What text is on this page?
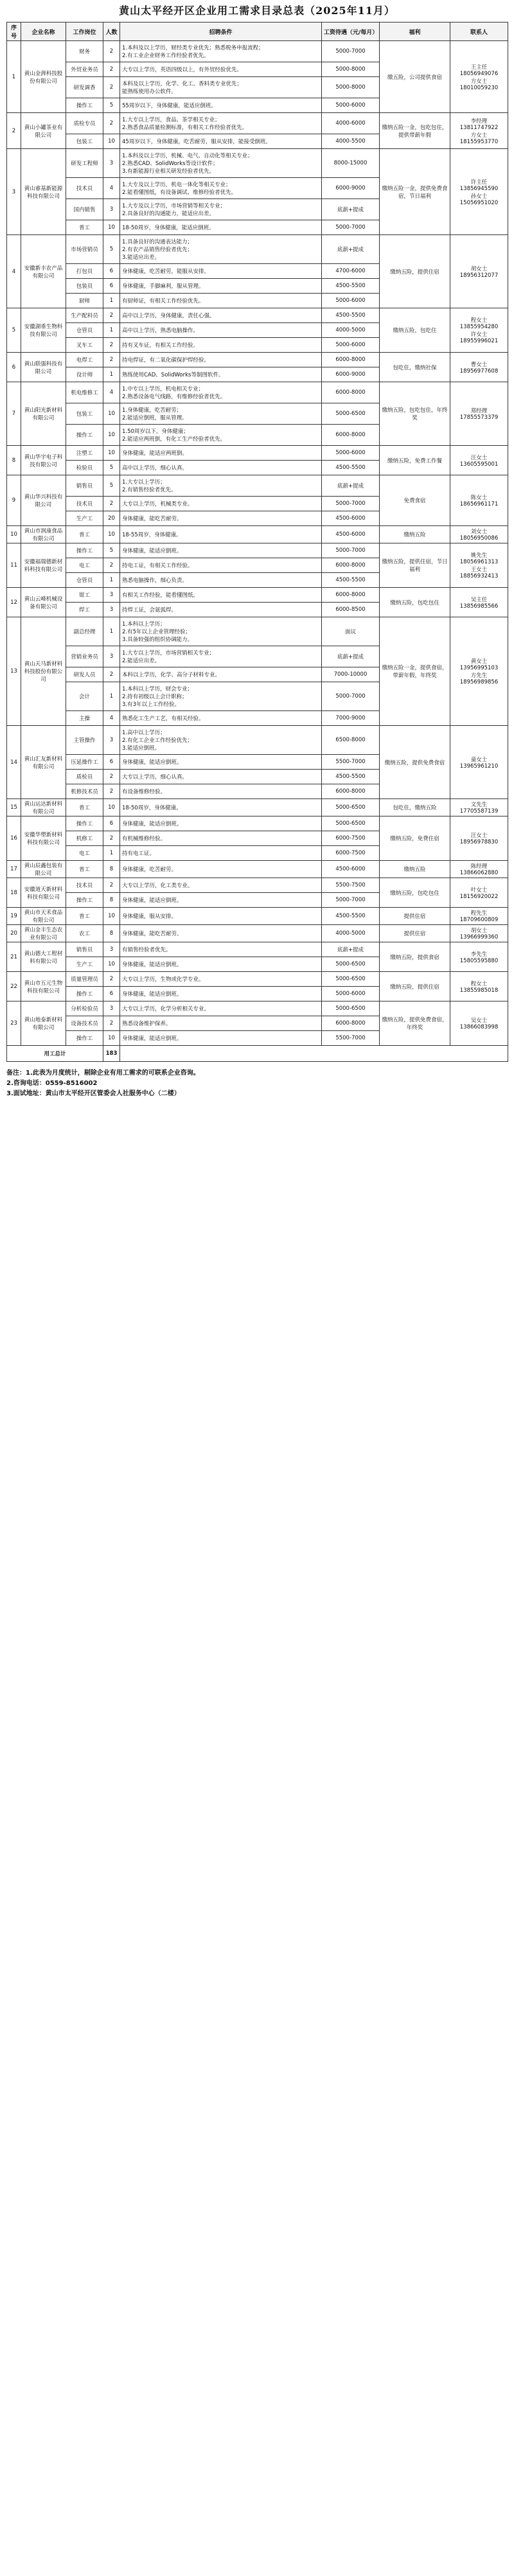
黄山太平经开区企业用工需求目录总表（2025年11月）
序号	企业名称	工作岗位	人数	招聘条件	工资待遇（元/每月）	福利	联系人
1	黄山金湃科技股份有限公司	财务	2	1.本科及以上学历，财经类专业优先；熟悉税务申报流程；
2.有工业企业财务工作经验者优先。	5000-7000	缴五险，公司提供食宿	王主任
18056949076
方女士
18010059230
		外贸业务员	2	大专以上学历，英语四级以上，有外贸经验优先。	5000-8000		
		研发调香	2	本科及以上学历，化学、化工、香料类专业优先；
能熟练使用办公软件。	5000-8000		
		操作工	5	55周岁以下，身体健康，能适应倒班。	5000-6000		
2	黄山小罐茶业有限公司	质检专员	2	1.大专以上学历，食品、茶学相关专业；
2.熟悉食品质量检测标准，有相关工作经验者优先。	4000-6000	缴纳五险一金，包吃包住，提供带薪年假	李经理
13811747922
方女士
18155953770
		包装工	10	45周岁以下，身体健康，吃苦耐劳，服从安排，能接受倒班。	4000-5500		
3	黄山睿基新能源科技有限公司	研发工程师	3	1.本科及以上学历，机械、电气、自动化等相关专业；
2.熟悉CAD、SolidWorks等设计软件；
3.有新能源行业相关研发经验者优先。	8000-15000	缴纳五险一金，提供免费食宿，节日福利	许主任
13856945590
孙女士
15056951020
		技术员	4	1.大专及以上学历，机电一体化等相关专业；
2.能看懂图纸，有设备调试、维修经验者优先。	6000-9000		
		国内销售	3	1.大专及以上学历，市场营销等相关专业；
2.具备良好的沟通能力，能适应出差。	底薪+提成		
		普工	10	18-50周岁，身体健康，能适应倒班。	5000-7000		
4	安徽新丰农产品有限公司	市场营销员	5	1.具备良好的沟通表达能力；
2.有农产品销售经验者优先；
3.能适应出差。	底薪+提成	缴纳五险，提供住宿	胡女士
18956312077
		打包员	6	身体健康，吃苦耐劳，能服从安排。	4700-6000		
		包装员	6	身体健康，手脚麻利，服从管理。	4500-5500		
		厨师	1	有厨师证，有相关工作经验优先。	5000-6000		
5	安徽湖垂生物科技有限公司	生产配料员	2	高中以上学历，身体健康，责任心强。	4500-5500	缴纳五险，包吃住	程女士
13855954280
许女士
18955996021
		仓管员	1	高中以上学历，熟悉电脑操作。	4000-5000		
		叉车工	2	持有叉车证，有相关工作经验。	5000-6000		
6	黄山联强科技有限公司	电焊工	2	持电焊证，有二氧化碳保护焊经验。	6000-8000	包吃住，缴纳社保	曹女士
18956977608
		设计师	1	熟练使用CAD、SolidWorks等制图软件。	6000-9000		
7	黄山阳光新材料有限公司	机电维修工	4	1.中专以上学历，机电相关专业；
2.熟悉设备电气线路，有维修经验者优先。	6000-8000	缴纳五险，包吃包住，年终奖	郑经理
17855573379
		包装工	10	1.身体健康，吃苦耐劳；
2.能适应倒班，服从管理。	5000-6500		
		操作工	10	1.50周岁以下，身体健康；
2.能适应两班倒，有化工生产经验者优先。	6000-8000		
8	黄山华宇电子科技有限公司	注塑工	10	身体健康，能适应两班倒。	5000-6000	缴纳五险，免费工作餐	汪女士
13605595001
		检验员	5	高中以上学历，细心认真。	4500-5500		
9	黄山华兴科技有限公司	销售员	5	1.大专以上学历；
2.有销售经验者优先。	底薪+提成	免费食宿	陈女士
18656961171
		技术员	2	大专以上学历，机械类专业。	5000-7000		
		生产工	20	身体健康，能吃苦耐劳。	4500-6000		
10	黄山市润康食品有限公司	普工	10	18-55周岁，身体健康。	4500-6000	缴纳五险	刘女士
18056950086
11	安徽福瑞德新材料科技有限公司	操作工	5	身体健康，能适应倒班。	5000-7000	缴纳五险，提供住宿，节日福利	姚先生
18056961313
王女士
18856932413
		电工	2	持电工证，有相关工作经验。	6000-8000		
		仓管员	1	熟悉电脑操作，细心负责。	4500-5500		
12	黄山云峰机械设备有限公司	钳工	3	有相关工作经验，能看懂图纸。	6000-8000	缴纳五险，包吃包住	吴主任
13856985566
		焊工	3	持焊工证，会氩弧焊。	6000-8500		
13	黄山天马新材料科技股份有限公司	副总经理	1	1.本科以上学历；
2.有5年以上企业管理经验；
3.具备较强的组织协调能力。	面议	缴纳五险一金，提供食宿，带薪年假，年终奖	黄女士
13956995103
方先生
18956989856
		营销业务员	3	1.大专以上学历，市场营销相关专业；
2.能适应出差。	底薪+提成		
		研发人员	2	本科以上学历，化学、高分子材料专业。	7000-10000		
		会计	1	1.本科以上学历，财会专业；
2.持有初级以上会计职称；
3.有3年以上工作经验。	5000-7000		
		主操	4	熟悉化工生产工艺，有相关经验。	7000-9000		
14	黄山汇友新材料有限公司	主管操作	3	1.高中以上学历；
2.有化工企业工作经验优先；
3.能适应倒班。	6500-8000	缴纳五险，提供免费食宿	童女士
13965961210
		压延操作工	6	身体健康，能适应倒班。	5500-7000		
		质检员	2	大专以上学历，细心认真。	4500-5500		
		机修技术员	2	有设备维修经验。	6000-8000		
15	黄山运达新材料有限公司	普工	10	18-50周岁，身体健康。	5000-6500	包吃住，缴纳五险	文先生
17705587139
16	安徽华塑新材料科技有限公司	操作工	6	身体健康，能适应倒班。	5000-6500	缴纳五险，免费住宿	汪女士
18956978830
		机修工	2	有机械维修经验。	6000-7500		
		电工	1	持有电工证。	6000-7500		
17	黄山辰鑫包装有限公司	普工	8	身体健康，吃苦耐劳。	4500-6000	缴纳五险	陈经理
13866062880
18	安徽道天新材料科技有限公司	技术员	2	大专以上学历，化工类专业。	5500-7500	缴纳五险，包吃包住	叶女士
18156920022
		操作工	8	身体健康，能适应倒班。	5000-7000		
19	黄山市天禾食品有限公司	普工	10	身体健康，服从安排。	4500-5500	提供住宿	程先生
18709600809
20	黄山金丰生态农业有限公司	农工	8	身体健康，能吃苦耐劳。	4000-5000	提供住宿	胡女士
13966999360
21	黄山德大工程材料有限公司	销售员	3	有销售经验者优先。	底薪+提成	缴纳五险，提供食宿	李先生
15805595880
		生产工	10	身体健康，能适应倒班。	5000-6500		
22	黄山市五元生物科技有限公司	质量管理员	2	大专以上学历，生物或化学专业。	5000-6500	缴纳五险，提供住宿	程女士
13855985018
		操作工	6	身体健康，能适应倒班。	5000-6000		
23	黄山地泰新材料有限公司	分析检验员	3	大专以上学历，化学分析相关专业。	5000-6500	缴纳五险，提供免费食宿，年终奖	吴女士
13866083998
		设备技术员	2	熟悉设备维护保养。	6000-8000		
		操作工	10	身体健康，能适应倒班。	5500-7000		
用工总计			183				
备注：1.此表为月度统计，剔除企业有用工需求的可联系企业咨询。
2.咨询电话：0559-8516002
3.面试地址：黄山市太平经开区管委会人社服务中心（二楼）
